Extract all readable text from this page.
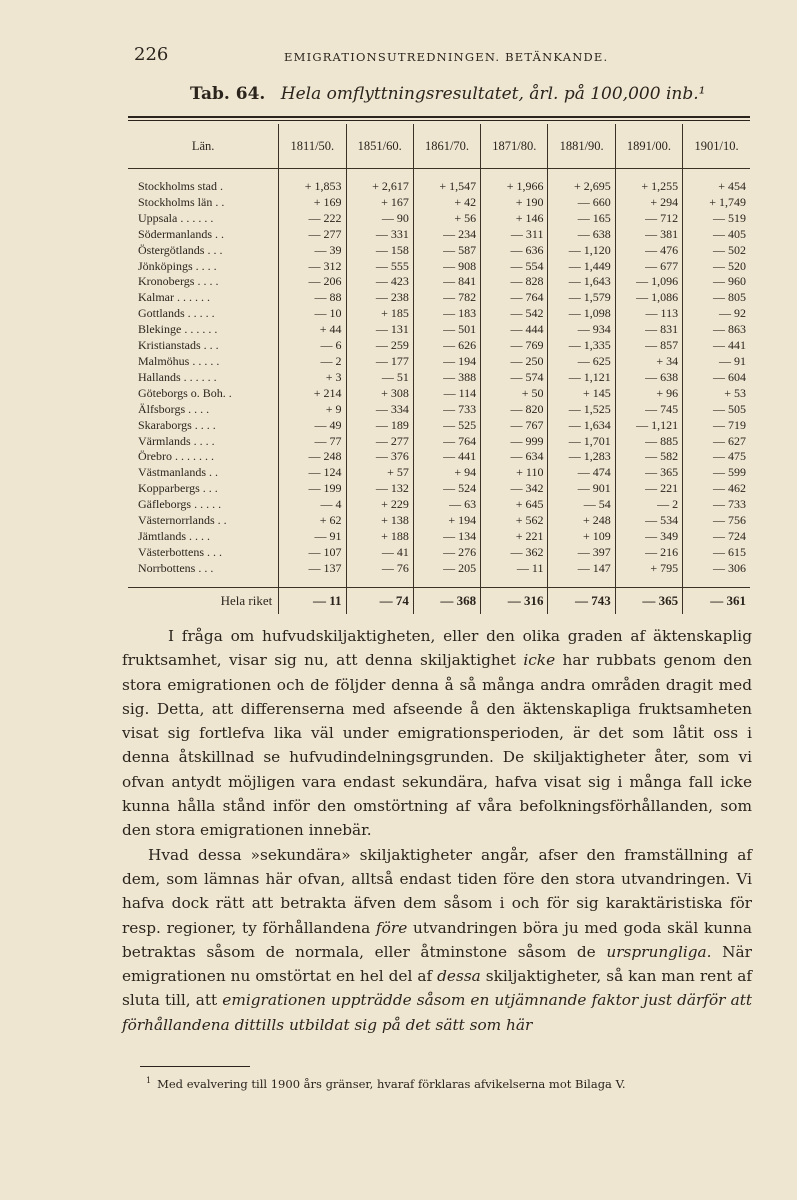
226	EMIGRATIONSUTREDNINGEN. BETÄNKANDE.
Tab. 64. Hela omflyttningsresultatet, årl. på 100,000 inb.¹
Län.	1811/50.	1851/60.	1861/70.	1871/80.	1881/90.	1891/00.	1901/10.

Stockholms stad .	+ 1,853	+ 2,617	+ 1,547	+ 1,966	+ 2,695	+ 1,255	+ 454
Stockholms län . .	+ 169	+ 167	+ 42	+ 190	— 660	+ 294	+ 1,749
Uppsala . . . . . .	— 222	— 90	+ 56	+ 146	— 165	— 712	— 519
Södermanlands . .	— 277	— 331	— 234	— 311	— 638	— 381	— 405
Östergötlands . . .	— 39	— 158	— 587	— 636	— 1,120	— 476	— 502
Jönköpings . . . .	— 312	— 555	— 908	— 554	— 1,449	— 677	— 520
Kronobergs . . . .	— 206	— 423	— 841	— 828	— 1,643	— 1,096	— 960
Kalmar . . . . . .	— 88	— 238	— 782	— 764	— 1,579	— 1,086	— 805
Gottlands . . . . .	— 10	+ 185	— 183	— 542	— 1,098	— 113	— 92
Blekinge . . . . . .	+ 44	— 131	— 501	— 444	— 934	— 831	— 863
Kristianstads . . .	— 6	— 259	— 626	— 769	— 1,335	— 857	— 441
Malmöhus . . . . .	— 2	— 177	— 194	— 250	— 625	+ 34	— 91
Hallands . . . . . .	+ 3	— 51	— 388	— 574	— 1,121	— 638	— 604
Göteborgs o. Boh. .	+ 214	+ 308	— 114	+ 50	+ 145	+ 96	+ 53
Älfsborgs . . . .	+ 9	— 334	— 733	— 820	— 1,525	— 745	— 505
Skaraborgs . . . .	— 49	— 189	— 525	— 767	— 1,634	— 1,121	— 719
Värmlands . . . .	— 77	— 277	— 764	— 999	— 1,701	— 885	— 627
Örebro . . . . . . .	— 248	— 376	— 441	— 634	— 1,283	— 582	— 475
Västmanlands . .	— 124	+ 57	+ 94	+ 110	— 474	— 365	— 599
Kopparbergs . . .	— 199	— 132	— 524	— 342	— 901	— 221	— 462
Gäfleborgs . . . . .	— 4	+ 229	— 63	+ 645	— 54	— 2	— 733
Västernorrlands . .	+ 62	+ 138	+ 194	+ 562	+ 248	— 534	— 756
Jämtlands . . . .	— 91	+ 188	— 134	+ 221	+ 109	— 349	— 724
Västerbottens . . .	— 107	— 41	— 276	— 362	— 397	— 216	— 615
Norrbottens . . .	— 137	— 76	— 205	— 11	— 147	+ 795	— 306

Hela riket	— 11	— 74	— 368	— 316	— 743	— 365	— 361

I fråga om hufvudskiljaktigheten, eller den olika graden af äktenskaplig fruktsamhet, visar sig nu, att denna skiljaktighet icke har rubbats genom den stora emigrationen och de följder denna å så många andra områden dragit med sig. Detta, att differenserna med afseende å den äktenskapliga fruktsamheten visat sig fortlefva lika väl under emigrationsperioden, är det som låtit oss i denna åtskillnad se hufvudindelningsgrunden. De skiljaktigheter åter, som vi ofvan antydt möjligen vara endast sekundära, hafva visat sig i många fall icke kunna hålla stånd inför den omstörtning af våra befolkningsförhållanden, som den stora emigrationen innebär.

Hvad dessa »sekundära» skiljaktigheter angår, afser den framställning af dem, som lämnas här ofvan, alltså endast tiden före den stora utvandringen. Vi hafva dock rätt att betrakta äfven dem såsom i och för sig karaktäristiska för resp. regioner, ty förhållandena före utvandringen böra ju med goda skäl kunna betraktas såsom de normala, eller åtminstone såsom de ursprungliga. När emigrationen nu omstörtat en hel del af dessa skiljaktigheter, så kan man rent af sluta till, att emigrationen uppträdde såsom en utjämnande faktor just därför att förhållandena dittills utbildat sig på det sätt som här

$^1$ Med evalvering till 1900 års gränser, hvaraf förklaras afvikelserna mot Bilaga V.
